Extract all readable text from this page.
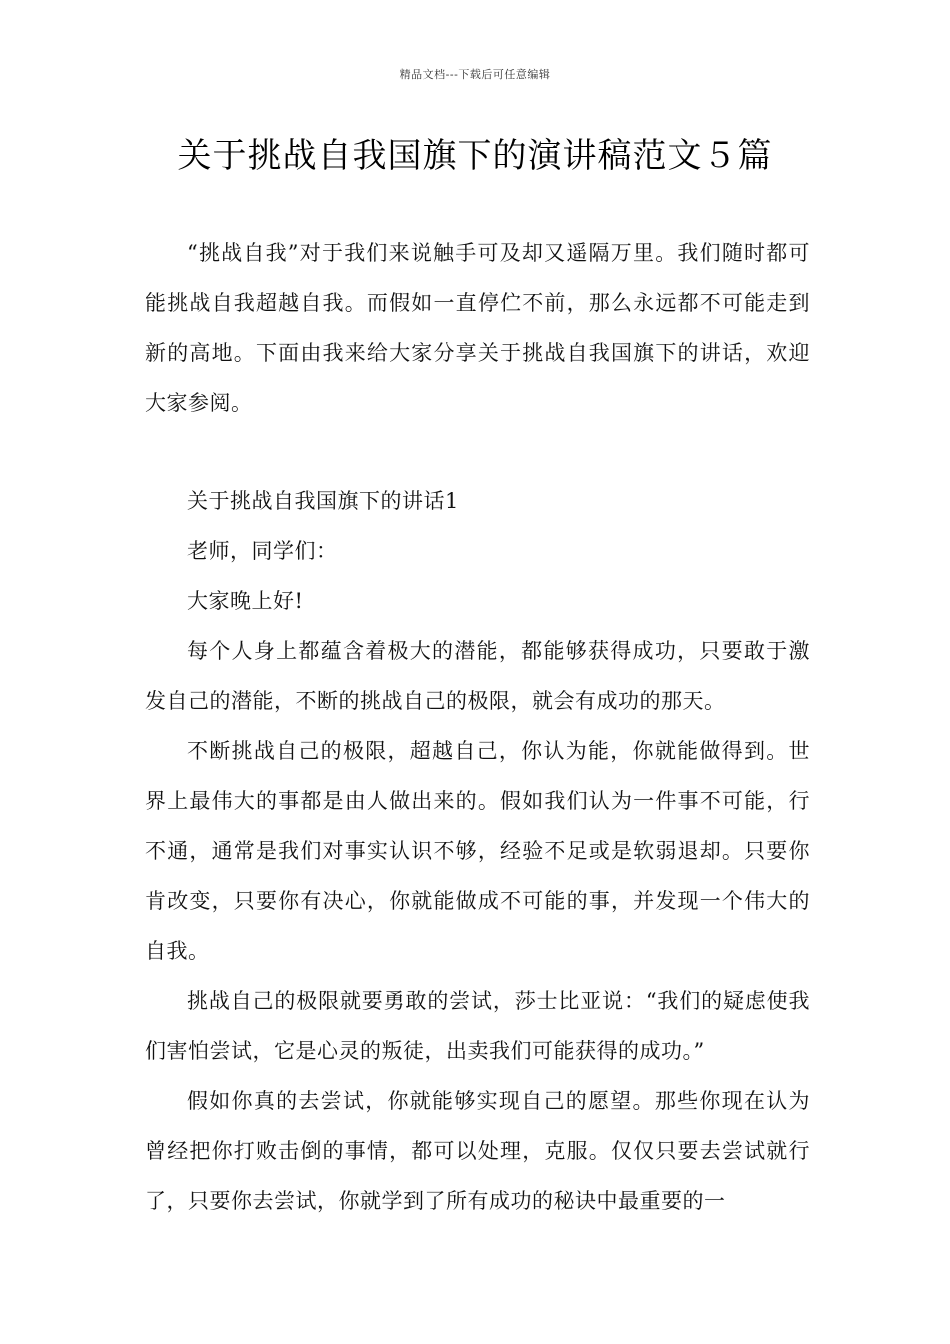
精品文档---下载后可任意编辑
关于挑战自我国旗下的演讲稿范文５篇

“挑战自我”对于我们来说触手可及却又遥隔万里。我们随时都可能挑战自我超越自我。而假如一直停伫不前，那么永远都不可能走到新的高地。下面由我来给大家分享关于挑战自我国旗下的讲话，欢迎大家参阅。

关于挑战自我国旗下的讲话1

老师，同学们：

大家晚上好!

每个人身上都蕴含着极大的潜能，都能够获得成功，只要敢于激发自己的潜能，不断的挑战自己的极限，就会有成功的那天。

不断挑战自己的极限，超越自己，你认为能，你就能做得到。世界上最伟大的事都是由人做出来的。假如我们认为一件事不可能，行不通，通常是我们对事实认识不够，经验不足或是软弱退却。只要你肯改变，只要你有决心，你就能做成不可能的事，并发现一个伟大的自我。

挑战自己的极限就要勇敢的尝试，莎士比亚说：“我们的疑虑使我们害怕尝试，它是心灵的叛徒，出卖我们可能获得的成功。”

假如你真的去尝试，你就能够实现自己的愿望。那些你现在认为曾经把你打败击倒的事情，都可以处理，克服。仅仅只要去尝试就行了，只要你去尝试，你就学到了所有成功的秘诀中最重要的一
